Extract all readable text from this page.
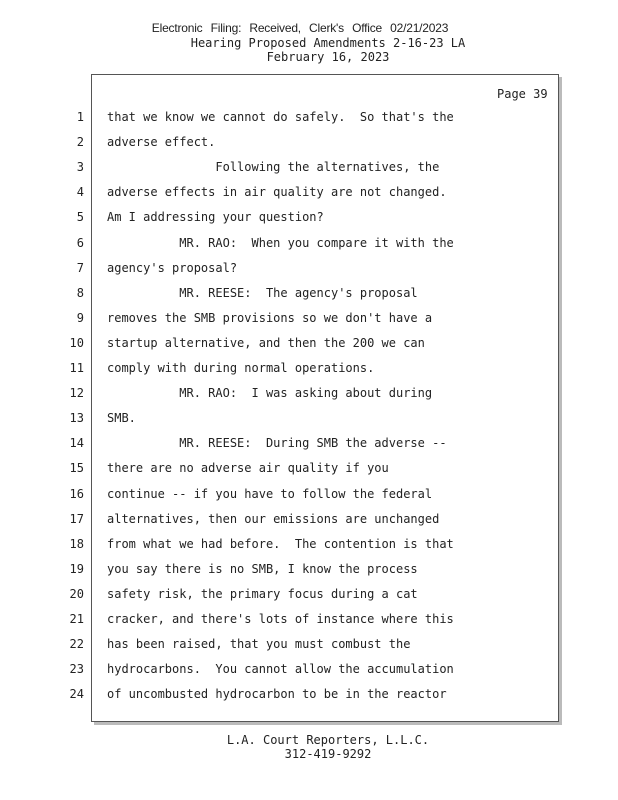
Electronic Filing: Received, Clerk's Office 02/21/2023
Hearing Proposed Amendments 2-16-23 LA
February 16, 2023
Page 39
1 that we know we cannot do safely.  So that's the
2 adverse effect.
3 Following the alternatives, the
4 adverse effects in air quality are not changed.
5 Am I addressing your question?
6 MR. RAO:  When you compare it with the
7 agency's proposal?
8 MR. REESE:  The agency's proposal
9 removes the SMB provisions so we don't have a
10 startup alternative, and then the 200 we can
11 comply with during normal operations.
12 MR. RAO:  I was asking about during
13 SMB.
14 MR. REESE:  During SMB the adverse --
15 there are no adverse air quality if you
16 continue -- if you have to follow the federal
17 alternatives, then our emissions are unchanged
18 from what we had before.  The contention is that
19 you say there is no SMB, I know the process
20 safety risk, the primary focus during a cat
21 cracker, and there's lots of instance where this
22 has been raised, that you must combust the
23 hydrocarbons.  You cannot allow the accumulation
24 of uncombusted hydrocarbon to be in the reactor
L.A. Court Reporters, L.L.C.
312-419-9292
